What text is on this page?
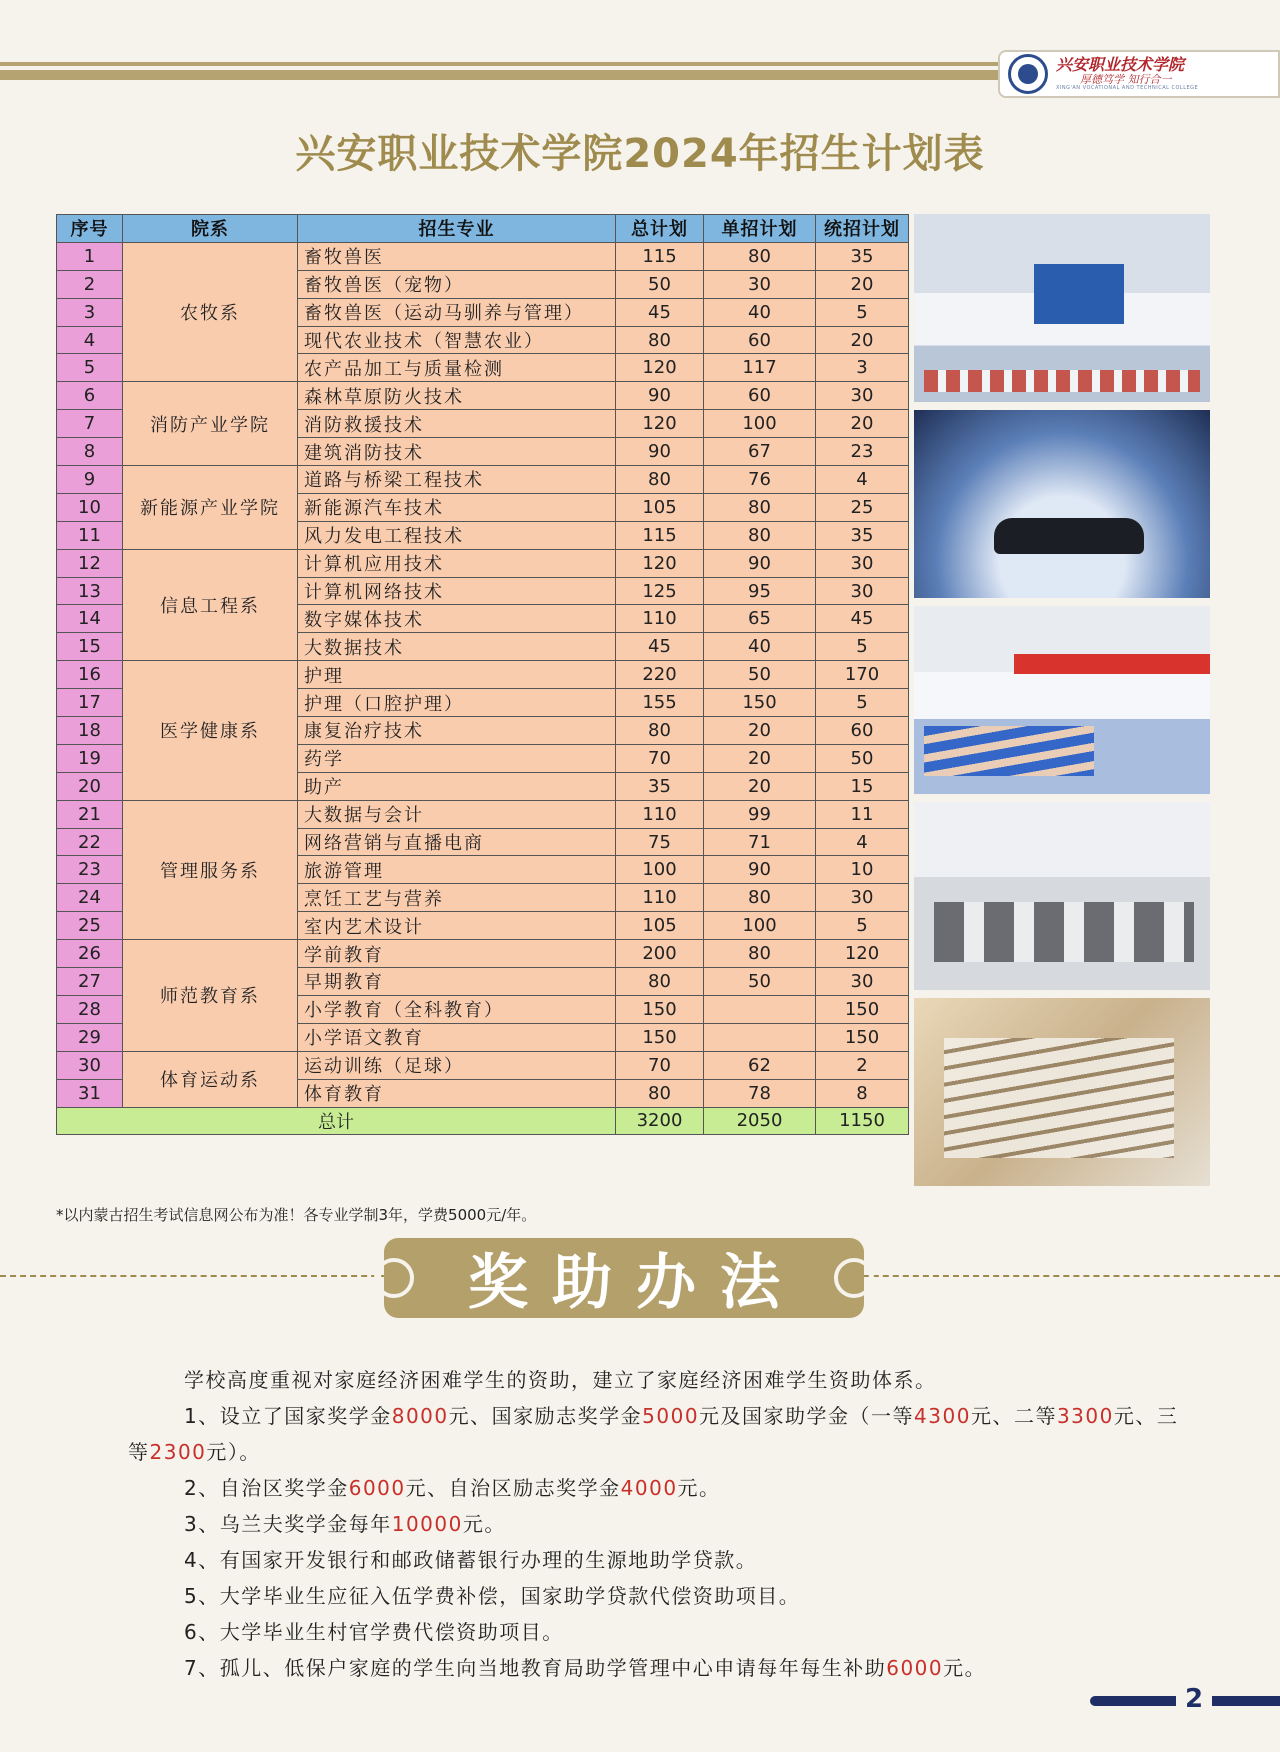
兴安职业技术学院
厚德笃学 知行合一
XING'AN VOCATIONAL AND TECHNICAL COLLEGE
兴安职业技术学院2024年招生计划表
序号	院系	招生专业	总计划	单招计划	统招计划
1	农牧系	畜牧兽医	115	80	35
2		畜牧兽医（宠物）	50	30	20
3		畜牧兽医（运动马驯养与管理）	45	40	5
4		现代农业技术（智慧农业）	80	60	20
5		农产品加工与质量检测	120	117	3
6	消防产业学院	森林草原防火技术	90	60	30
7		消防救援技术	120	100	20
8		建筑消防技术	90	67	23
9	新能源产业学院	道路与桥梁工程技术	80	76	4
10		新能源汽车技术	105	80	25
11		风力发电工程技术	115	80	35
12	信息工程系	计算机应用技术	120	90	30
13		计算机网络技术	125	95	30
14		数字媒体技术	110	65	45
15		大数据技术	45	40	5
16	医学健康系	护理	220	50	170
17		护理（口腔护理）	155	150	5
18		康复治疗技术	80	20	60
19		药学	70	20	50
20		助产	35	20	15
21	管理服务系	大数据与会计	110	99	11
22		网络营销与直播电商	75	71	4
23		旅游管理	100	90	10
24		烹饪工艺与营养	110	80	30
25		室内艺术设计	105	100	5
26	师范教育系	学前教育	200	80	120
27		早期教育	80	50	30
28		小学教育（全科教育）	150		150
29		小学语文教育	150		150
30	体育运动系	运动训练（足球）	70	62	2
31		体育教育	80	78	8
总计			3200	2050	1150
*以内蒙古招生考试信息网公布为准！各专业学制3年，学费5000元/年。
奖助办法

学校高度重视对家庭经济困难学生的资助，建立了家庭经济困难学生资助体系。

1、设立了国家奖学金8000元、国家励志奖学金5000元及国家助学金（一等4300元、二等3300元、三等2300元）。

2、自治区奖学金6000元、自治区励志奖学金4000元。

3、乌兰夫奖学金每年10000元。

4、有国家开发银行和邮政储蓄银行办理的生源地助学贷款。

5、大学毕业生应征入伍学费补偿，国家助学贷款代偿资助项目。

6、大学毕业生村官学费代偿资助项目。

7、孤儿、低保户家庭的学生向当地教育局助学管理中心申请每年每生补助6000元。

2
